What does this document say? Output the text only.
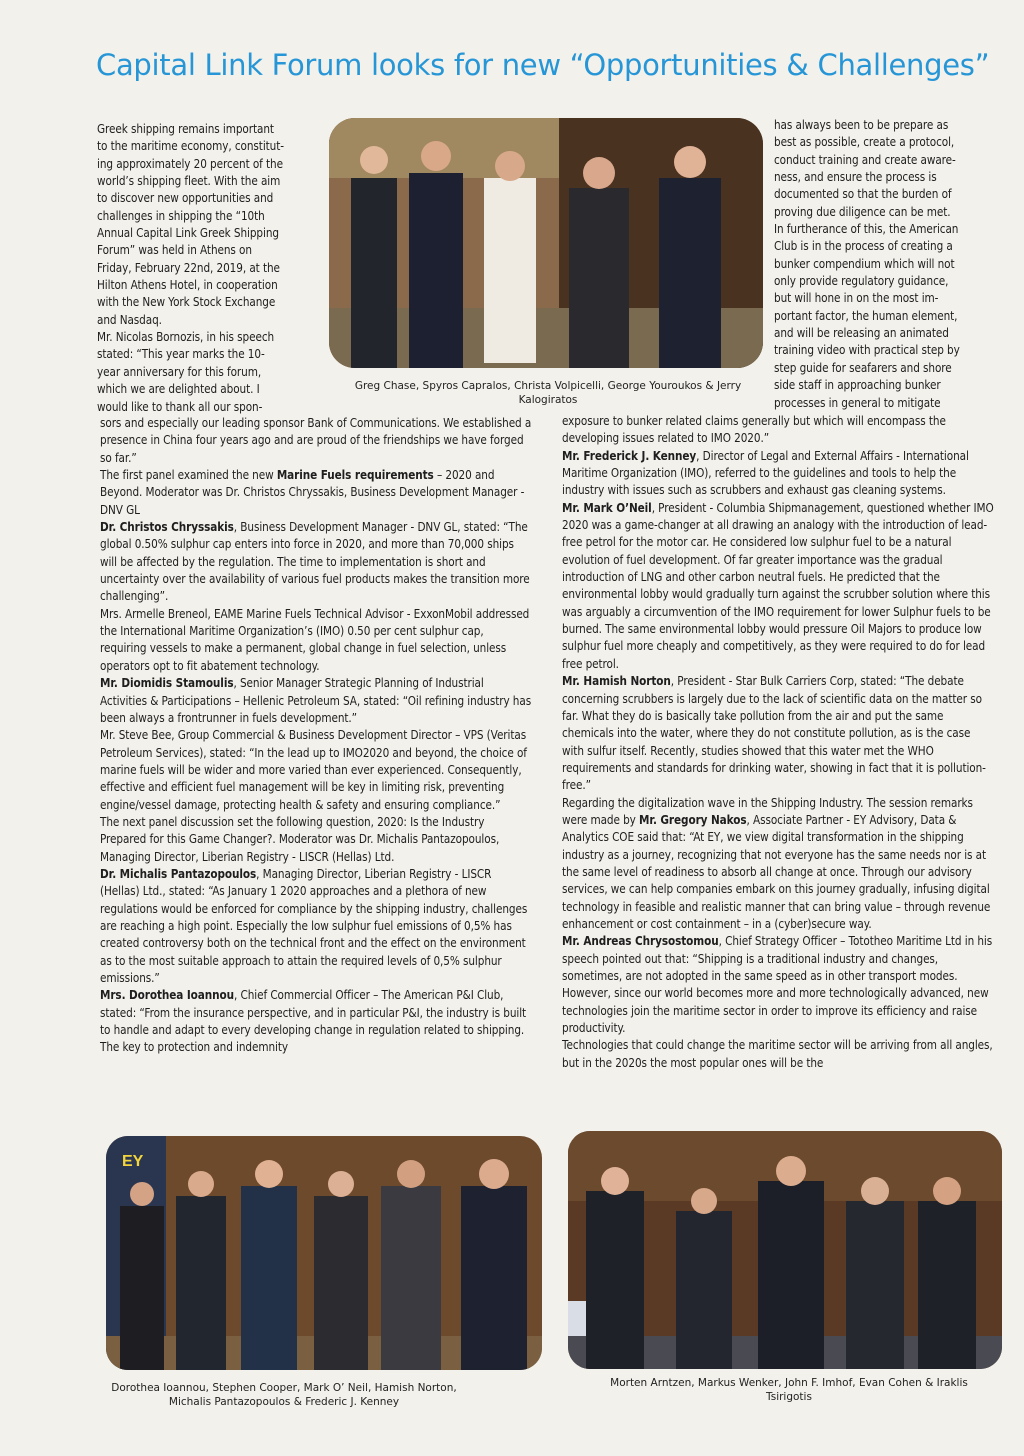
Capital Link Forum looks for new “Opportunities & Challenges”
Greg Chase, Spyros Capralos, Christa Volpicelli, George Youroukos & Jerry Kalogiratos
Greek shipping remains important
to the maritime economy, constitut-
ing approximately 20 percent of the
world’s shipping fleet. With the aim
to discover new opportunities and
challenges in shipping the “10th
Annual Capital Link Greek Shipping
Forum” was held in Athens on
Friday, February 22nd, 2019, at the
Hilton Athens Hotel, in cooperation
with the New York Stock Exchange
and Nasdaq.
Mr. Nicolas Bornozis, in his speech
stated: “This year marks the 10-
year anniversary for this forum,
which we are delighted about. I
would like to thank all our spon-
has always been to be prepare as
best as possible, create a protocol,
conduct training and create aware-
ness, and ensure the process is
documented so that the burden of
proving due diligence can be met.
In furtherance of this, the American
Club is in the process of creating a
bunker compendium which will not
only provide regulatory guidance,
but will hone in on the most im-
portant factor, the human element,
and will be releasing an animated
training video with practical step by
step guide for seafarers and shore
side staff in approaching bunker
processes in general to mitigate
sors and especially our leading sponsor Bank of Communications. We established a presence in China four years ago and are proud of the friendships we have forged so far.”
The first panel examined the new Marine Fuels requirements – 2020 and Beyond. Moderator was Dr. Christos Chryssakis, Business Development Manager - DNV GL
Dr. Christos Chryssakis, Business Development Manager - DNV GL, stated: “The global 0.50% sulphur cap enters into force in 2020, and more than 70,000 ships will be affected by the regulation. The time to implementation is short and uncertainty over the availability of various fuel products makes the transition more challenging”.
Mrs. Armelle Breneol, EAME Marine Fuels Technical Advisor - ExxonMobil addressed the International Maritime Organization’s (IMO) 0.50 per cent sulphur cap, requiring vessels to make a permanent, global change in fuel selection, unless operators opt to fit abatement technology.
Mr. Diomidis Stamoulis, Senior Manager Strategic Planning of Industrial Activities & Participations – Hellenic Petroleum SA, stated: “Oil refining industry has been always a frontrunner in fuels development.”
Mr. Steve Bee, Group Commercial & Business Development Director – VPS (Veritas Petroleum Services), stated: “In the lead up to IMO2020 and beyond, the choice of marine fuels will be wider and more varied than ever experienced. Consequently, effective and efficient fuel management will be key in limiting risk, preventing engine/vessel damage, protecting health & safety and ensuring compliance.”
The next panel discussion set the following question, 2020: Is the Industry Prepared for this Game Changer?. Moderator was Dr. Michalis Pantazopoulos, Managing Director, Liberian Registry - LISCR (Hellas) Ltd.
Dr. Michalis Pantazopoulos, Managing Director, Liberian Registry - LISCR (Hellas) Ltd., stated: “As January 1 2020 approaches and a plethora of new regulations would be enforced for compliance by the shipping industry, challenges are reaching a high point. Especially the low sulphur fuel emissions of 0,5% has created controversy both on the technical front and the effect on the environment as to the most suitable approach to attain the required levels of 0,5% sulphur emissions.”
Mrs. Dorothea Ioannou, Chief Commercial Officer – The American P&I Club, stated: “From the insurance perspective, and in particular P&I, the industry is built to handle and adapt to every developing change in regulation related to shipping. The key to protection and indemnity
exposure to bunker related claims generally but which will encompass the developing issues related to IMO 2020.”
Mr. Frederick J. Kenney, Director of Legal and External Affairs - International Maritime Organization (IMO), referred to the guidelines and tools to help the industry with issues such as scrubbers and exhaust gas cleaning systems.
Mr. Mark O’Neil, President - Columbia Shipmanagement, questioned whether IMO 2020 was a game-changer at all drawing an analogy with the introduction of lead-free petrol for the motor car. He considered low sulphur fuel to be a natural evolution of fuel development. Of far greater importance was the gradual introduction of LNG and other carbon neutral fuels. He predicted that the environmental lobby would gradually turn against the scrubber solution where this was arguably a circumvention of the IMO requirement for lower Sulphur fuels to be burned. The same environmental lobby would pressure Oil Majors to produce low sulphur fuel more cheaply and competitively, as they were required to do for lead free petrol.
Mr. Hamish Norton, President - Star Bulk Carriers Corp, stated: “The debate concerning scrubbers is largely due to the lack of scientific data on the matter so far. What they do is basically take pollution from the air and put the same chemicals into the water, where they do not constitute pollution, as is the case with sulfur itself. Recently, studies showed that this water met the WHO requirements and standards for drinking water, showing in fact that it is pollution-free.”
Regarding the digitalization wave in the Shipping Industry. The session remarks were made by Mr. Gregory Nakos, Associate Partner - EY Advisory, Data & Analytics COE said that: “At EY, we view digital transformation in the shipping industry as a journey, recognizing that not everyone has the same needs nor is at the same level of readiness to absorb all change at once. Through our advisory services, we can help companies embark on this journey gradually, infusing digital technology in feasible and realistic manner that can bring value – through revenue enhancement or cost containment – in a (cyber)secure way.
Mr. Andreas Chrysostomou, Chief Strategy Officer – Tototheo Maritime Ltd in his speech pointed out that: “Shipping is a traditional industry and changes, sometimes, are not adopted in the same speed as in other transport modes. However, since our world becomes more and more technologically advanced, new technologies join the maritime sector in order to improve its efficiency and raise productivity.
Technologies that could change the maritime sector will be arriving from all angles, but in the 2020s the most popular ones will be the
EY
Dorothea Ioannou, Stephen Cooper, Mark O’ Neil, Hamish Norton, Michalis Pantazopoulos & Frederic J. Kenney
Morten Arntzen, Markus Wenker, John F. Imhof, Evan Cohen & Iraklis Tsirigotis
